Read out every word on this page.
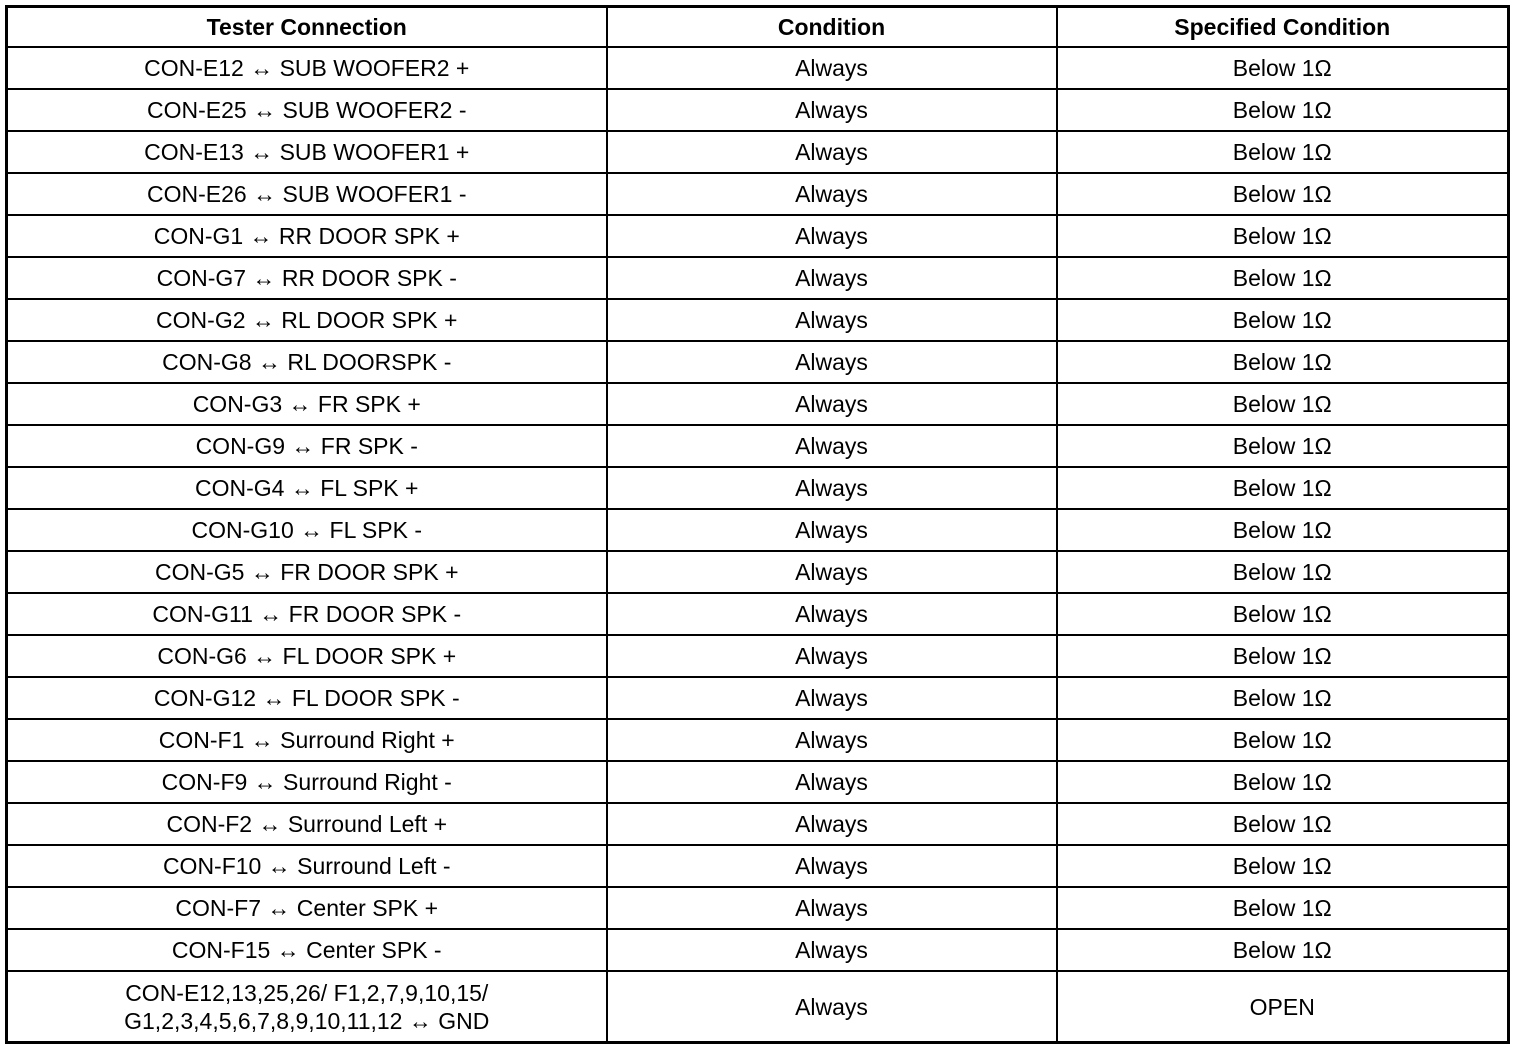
Tester Connection	Condition	Specified Condition
CON-E12 ↔ SUB WOOFER2 +	Always	Below 1Ω
CON-E25 ↔ SUB WOOFER2 -	Always	Below 1Ω
CON-E13 ↔ SUB WOOFER1 +	Always	Below 1Ω
CON-E26 ↔ SUB WOOFER1 -	Always	Below 1Ω
CON-G1 ↔ RR DOOR SPK +	Always	Below 1Ω
CON-G7 ↔ RR DOOR SPK -	Always	Below 1Ω
CON-G2 ↔ RL DOOR SPK +	Always	Below 1Ω
CON-G8 ↔ RL DOORSPK -	Always	Below 1Ω
CON-G3 ↔ FR SPK +	Always	Below 1Ω
CON-G9 ↔ FR SPK -	Always	Below 1Ω
CON-G4 ↔ FL SPK +	Always	Below 1Ω
CON-G10 ↔ FL SPK -	Always	Below 1Ω
CON-G5 ↔ FR DOOR SPK +	Always	Below 1Ω
CON-G11 ↔ FR DOOR SPK -	Always	Below 1Ω
CON-G6 ↔ FL DOOR SPK +	Always	Below 1Ω
CON-G12 ↔ FL DOOR SPK -	Always	Below 1Ω
CON-F1 ↔ Surround Right +	Always	Below 1Ω
CON-F9 ↔ Surround Right -	Always	Below 1Ω
CON-F2 ↔ Surround Left +	Always	Below 1Ω
CON-F10 ↔ Surround Left -	Always	Below 1Ω
CON-F7 ↔ Center SPK +	Always	Below 1Ω
CON-F15 ↔ Center SPK -	Always	Below 1Ω
CON-E12,13,25,26/ F1,2,7,9,10,15/
G1,2,3,4,5,6,7,8,9,10,11,12 ↔ GND	Always	OPEN
